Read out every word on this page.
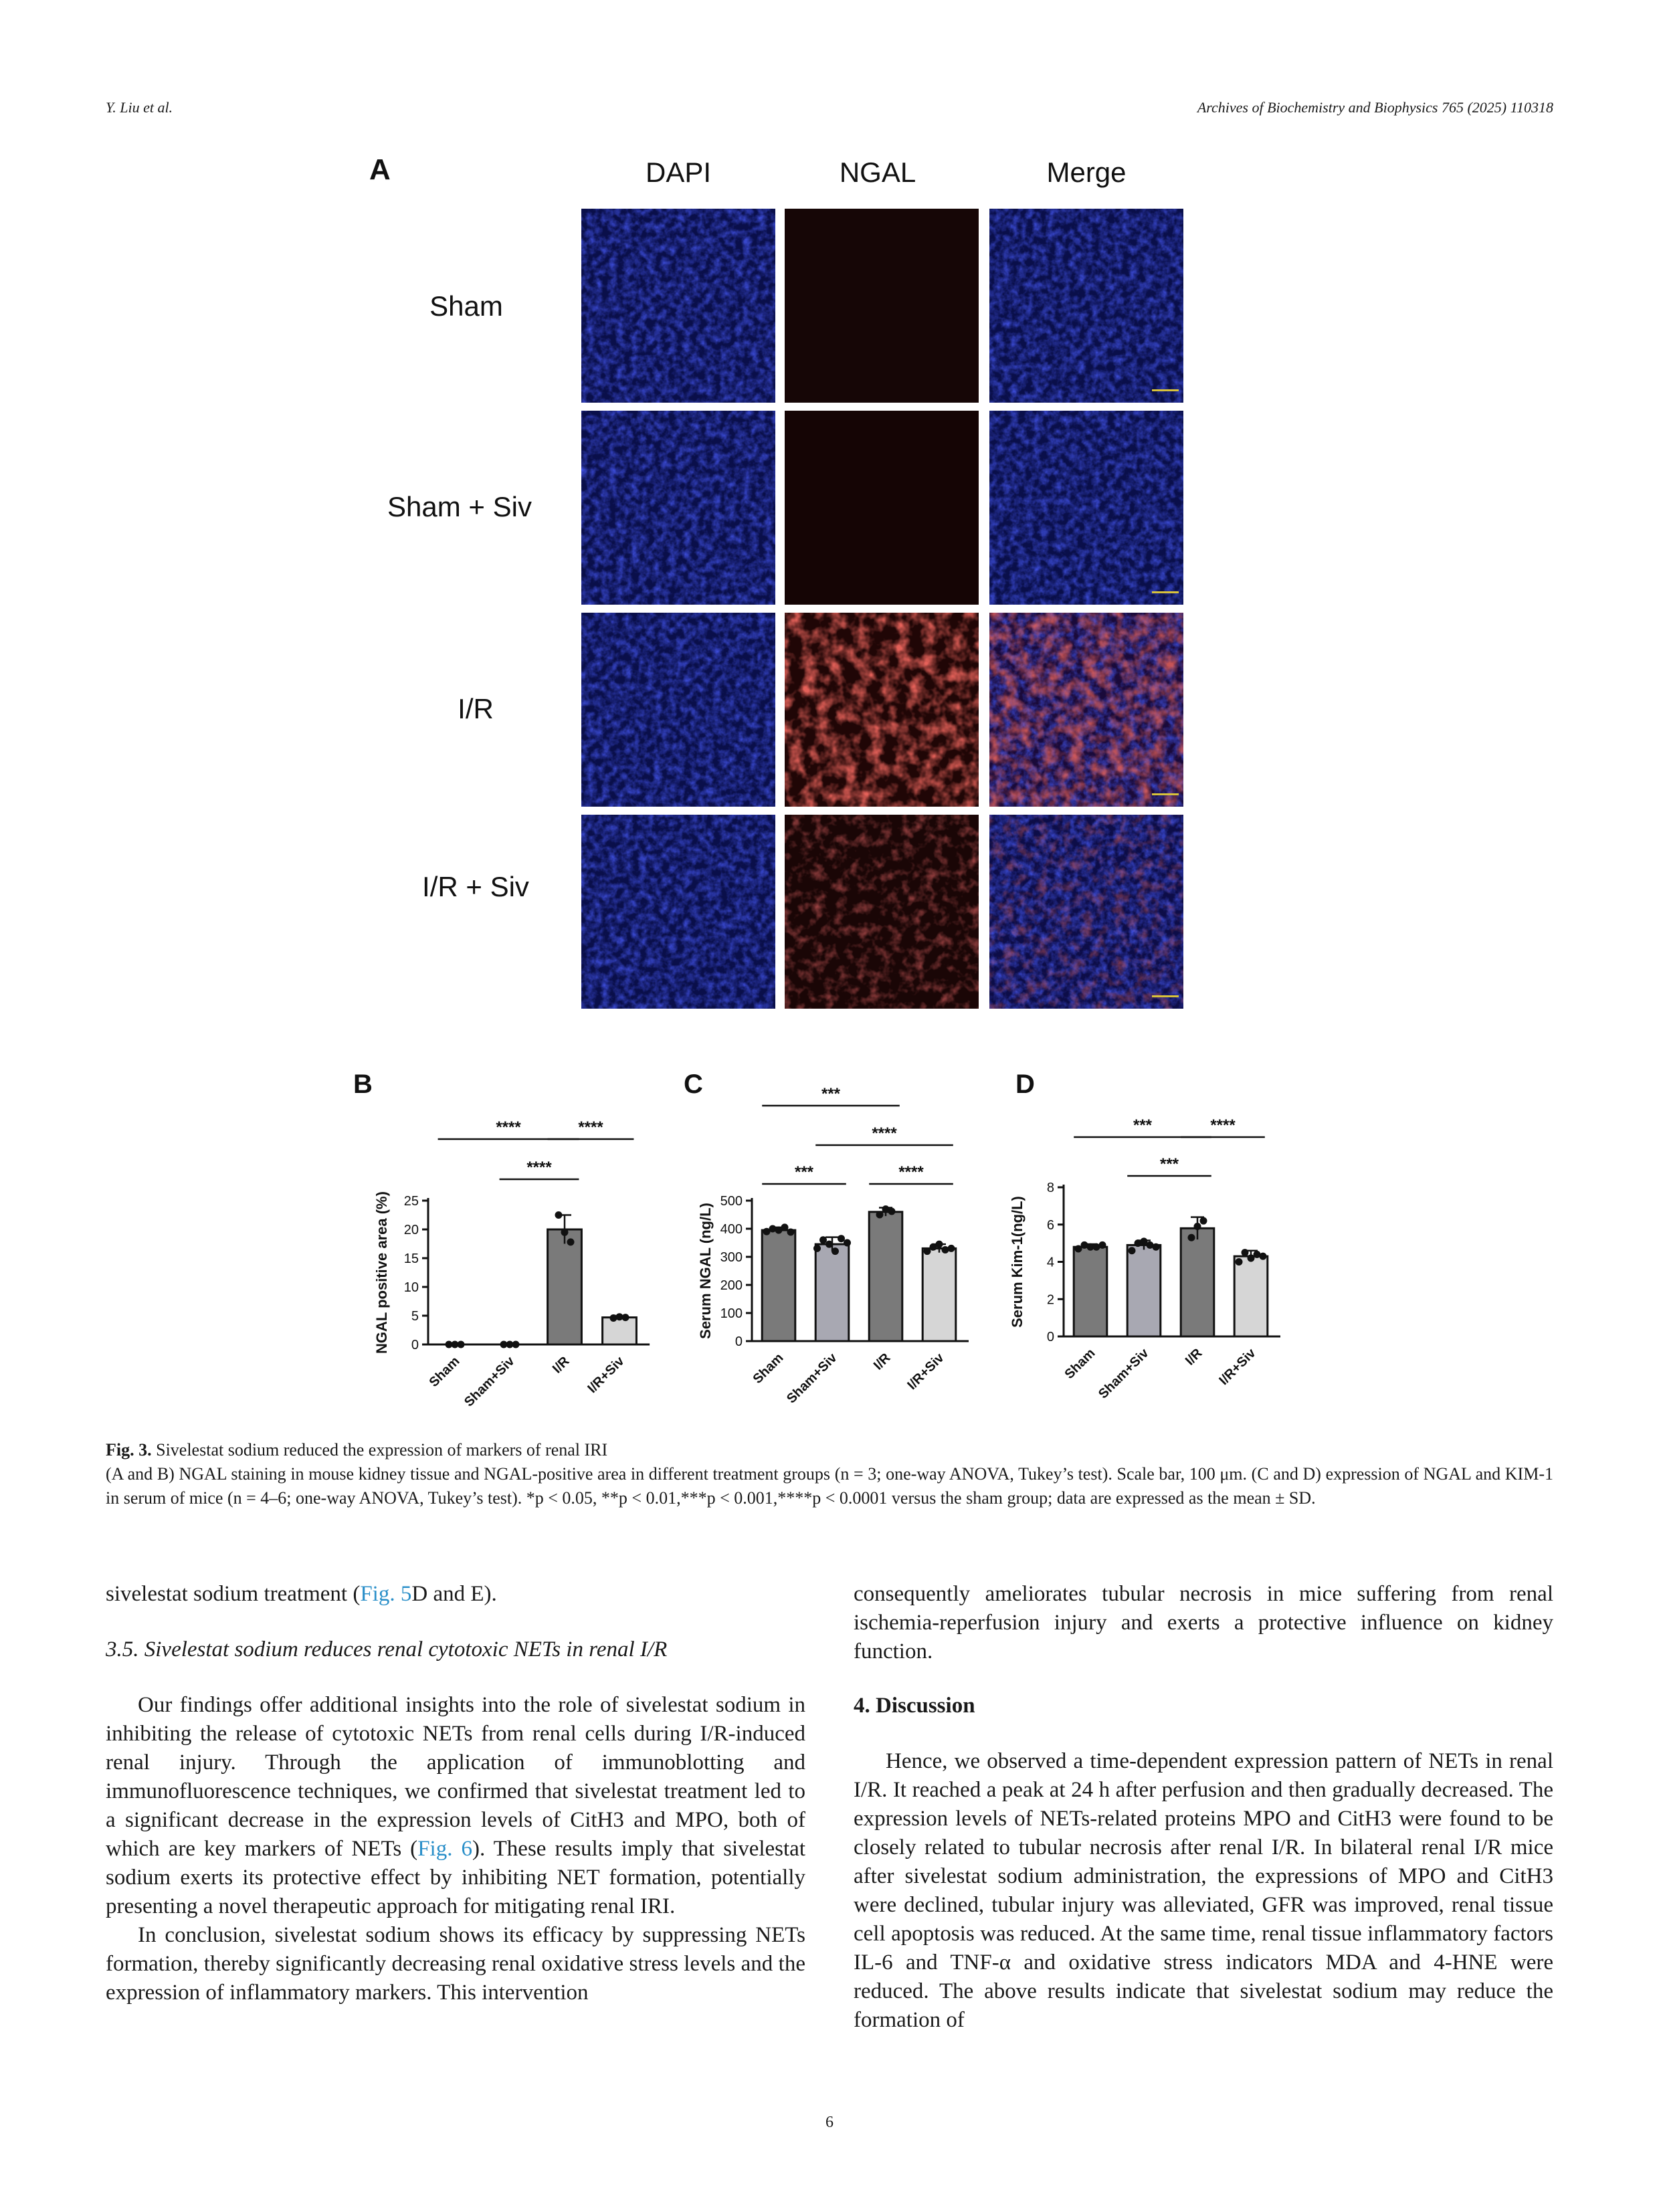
Y. Liu et al.	Archives of Biochemistry and Biophysics 765 (2025) 110318
A	DAPI	NGAL	Merge
Sham
Sham + Siv
I/R
I/R + Siv
B	C	D
0
5
10
15
20
25
NGAL positive area (%)
Sham
Sham+Siv I/R I/R+Siv
****	****
****
0
100
200
300
400
500
Serum NGAL (ng/L)
Sham
Sham+Siv I/R I/R+Siv
***
****
***	****
0
2
4
6
8
Serum Kim-1(ng/L)
Sham
Sham+Siv I/R I/R+Siv
***	****
***
Fig. 3. Sivelestat sodium reduced the expression of markers of renal IRI
(A and B) NGAL staining in mouse kidney tissue and NGAL-positive area in different treatment groups (n = 3; one-way ANOVA, Tukey’s test). Scale bar, 100 μm. (C and D) expression of NGAL and KIM-1 in serum of mice (n = 4–6; one-way ANOVA, Tukey’s test). *p < 0.05, **p < 0.01,***p < 0.001,****p < 0.0001 versus the sham group; data are expressed as the mean ± SD.

sivelestat sodium treatment (Fig. 5D and E).

3.5. Sivelestat sodium reduces renal cytotoxic NETs in renal I/R

Our findings offer additional insights into the role of sivelestat sodium in inhibiting the release of cytotoxic NETs from renal cells during I/R-induced renal injury. Through the application of immunoblotting and immunofluorescence techniques, we confirmed that sivelestat treatment led to a significant decrease in the expression levels of CitH3 and MPO, both of which are key markers of NETs (Fig. 6). These results imply that sivelestat sodium exerts its protective effect by inhibiting NET formation, potentially presenting a novel therapeutic approach for mitigating renal IRI.

In conclusion, sivelestat sodium shows its efficacy by suppressing NETs formation, thereby significantly decreasing renal oxidative stress levels and the expression of inflammatory markers. This intervention

consequently ameliorates tubular necrosis in mice suffering from renal ischemia-reperfusion injury and exerts a protective influence on kidney function.

4. Discussion

Hence, we observed a time-dependent expression pattern of NETs in renal I/R. It reached a peak at 24 h after perfusion and then gradually decreased. The expression levels of NETs-related proteins MPO and CitH3 were found to be closely related to tubular necrosis after renal I/R. In bilateral renal I/R mice after sivelestat sodium administration, the expressions of MPO and CitH3 were declined, tubular injury was alleviated, GFR was improved, renal tissue cell apoptosis was reduced. At the same time, renal tissue inflammatory factors IL-6 and TNF-α and oxidative stress indicators MDA and 4-HNE were reduced. The above results indicate that sivelestat sodium may reduce the formation of

6
